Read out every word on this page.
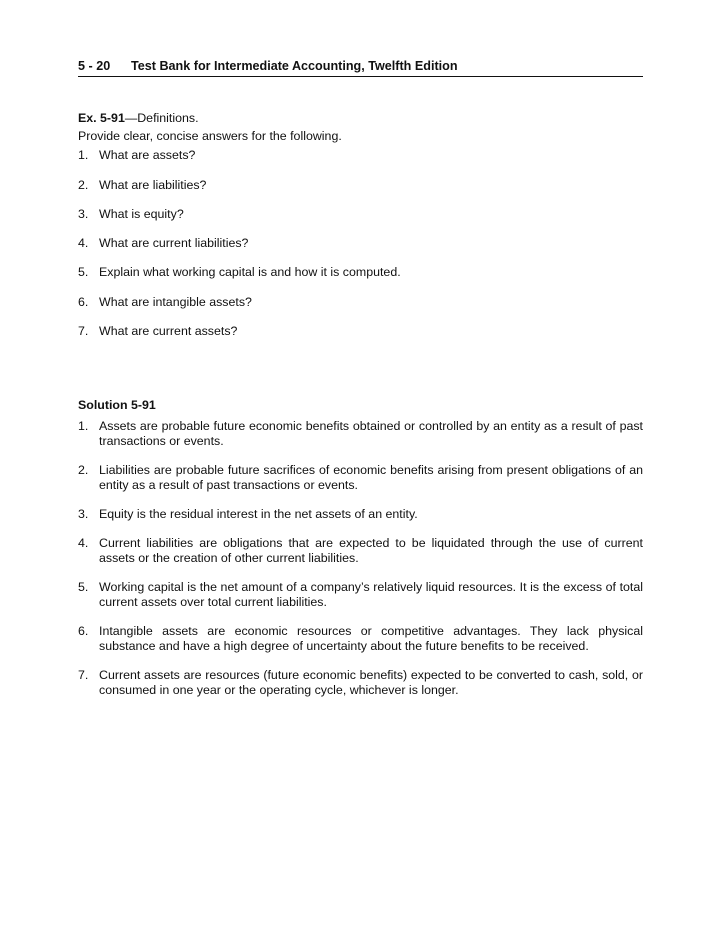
5 - 20 Test Bank for Intermediate Accounting, Twelfth Edition
Ex. 5-91—Definitions.
Provide clear, concise answers for the following.
1. What are assets?
2. What are liabilities?
3. What is equity?
4. What are current liabilities?
5. Explain what working capital is and how it is computed.
6. What are intangible assets?
7. What are current assets?
Solution 5-91
1. Assets are probable future economic benefits obtained or controlled by an entity as a result of past transactions or events.
2. Liabilities are probable future sacrifices of economic benefits arising from present obligations of an entity as a result of past transactions or events.
3. Equity is the residual interest in the net assets of an entity.
4. Current liabilities are obligations that are expected to be liquidated through the use of current assets or the creation of other current liabilities.
5. Working capital is the net amount of a company’s relatively liquid resources. It is the excess of total current assets over total current liabilities.
6. Intangible assets are economic resources or competitive advantages. They lack physical substance and have a high degree of uncertainty about the future benefits to be received.
7. Current assets are resources (future economic benefits) expected to be converted to cash, sold, or consumed in one year or the operating cycle, whichever is longer.
